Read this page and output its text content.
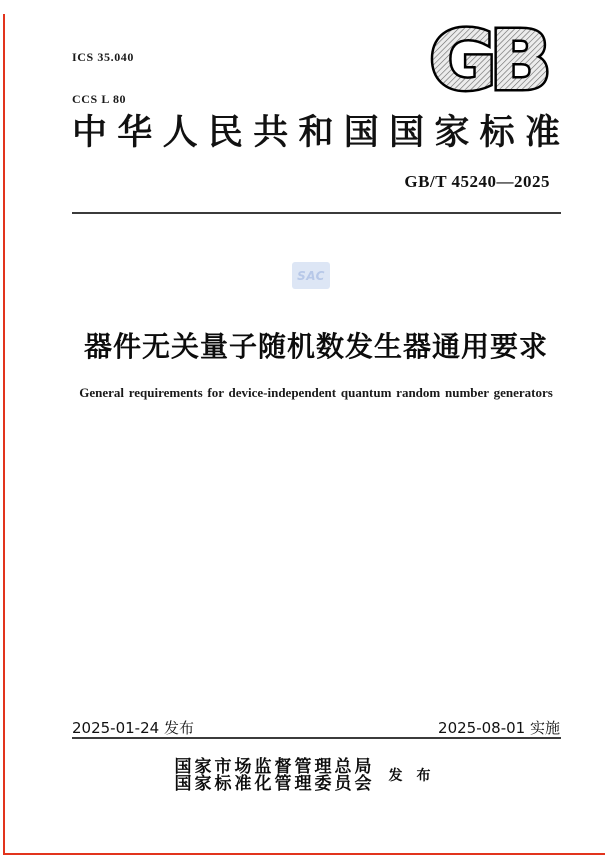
ICS 35.040

CCS L 80

	GB
中华人民共和国国家标准
GB/T 45240—2025
SAC
器件无关量子随机数发生器通用要求
General requirements for device-independent quantum random number generators
2025-01-24 发布	2025-08-01 实施
国家市场监督管理总局
国家标准化管理委员会 发　布
